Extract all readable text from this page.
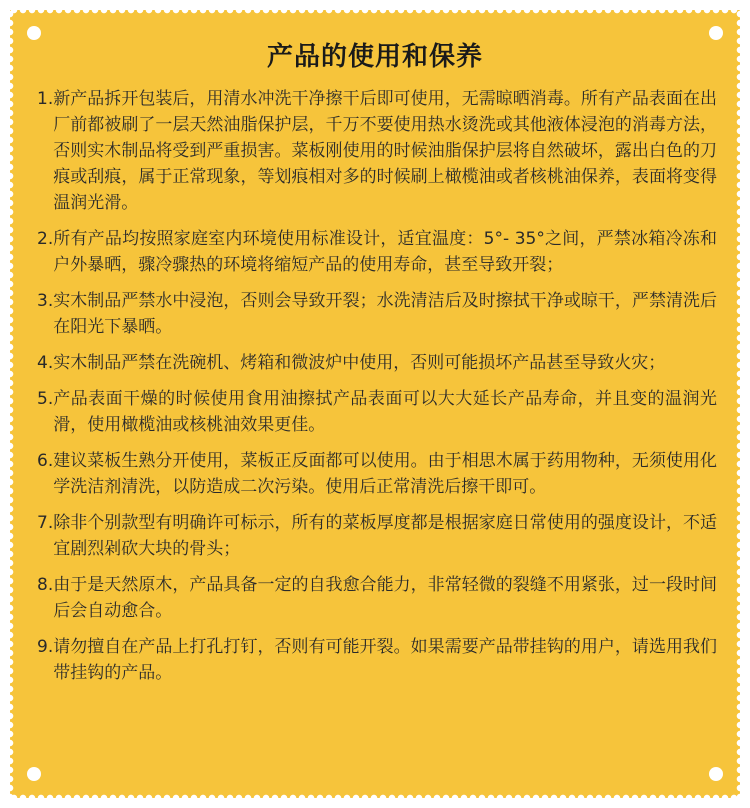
产品的使用和保养
1. 新产品拆开包装后，用清水冲洗干净擦干后即可使用，无需晾晒消毒。所有产品表面在出厂前都被刷了一层天然油脂保护层，千万不要使用热水烫洗或其他液体浸泡的消毒方法，否则实木制品将受到严重损害。菜板刚使用的时候油脂保护层将自然破坏，露出白色的刀痕或刮痕，属于正常现象，等划痕相对多的时候刷上橄榄油或者核桃油保养，表面将变得温润光滑。
2. 所有产品均按照家庭室内环境使用标准设计，适宜温度：5°- 35°之间，严禁冰箱冷冻和户外暴晒，骤冷骤热的环境将缩短产品的使用寿命，甚至导致开裂；
3. 实木制品严禁水中浸泡，否则会导致开裂；水洗清洁后及时擦拭干净或晾干，严禁清洗后在阳光下暴晒。
4. 实木制品严禁在洗碗机、烤箱和微波炉中使用，否则可能损坏产品甚至导致火灾；
5. 产品表面干燥的时候使用食用油擦拭产品表面可以大大延长产品寿命，并且变的温润光滑，使用橄榄油或核桃油效果更佳。
6. 建议菜板生熟分开使用，菜板正反面都可以使用。由于相思木属于药用物种，无须使用化学洗洁剂清洗，以防造成二次污染。使用后正常清洗后擦干即可。
7. 除非个别款型有明确许可标示，所有的菜板厚度都是根据家庭日常使用的强度设计，不适宜剧烈剁砍大块的骨头；
8. 由于是天然原木，产品具备一定的自我愈合能力，非常轻微的裂缝不用紧张，过一段时间后会自动愈合。
9. 请勿擅自在产品上打孔打钉，否则有可能开裂。如果需要产品带挂钩的用户，请选用我们带挂钩的产品。
